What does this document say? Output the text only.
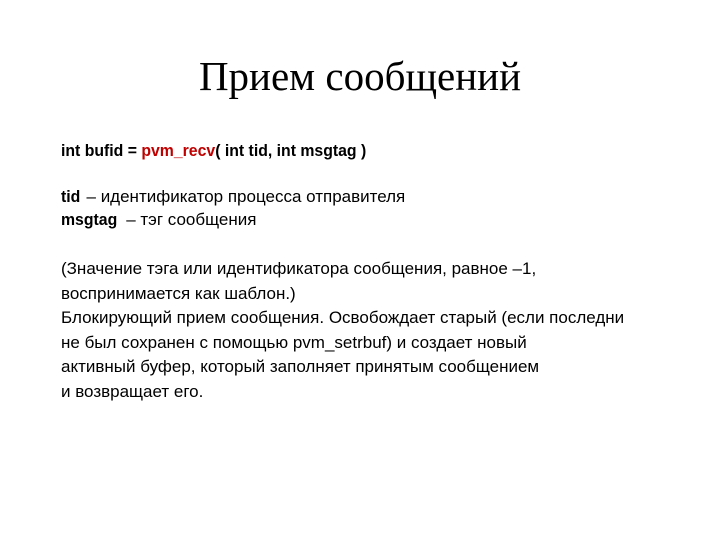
Прием сообщений
int bufid = pvm_recv( int tid, int msgtag )
tid – идентификатор процесса отправителя
msgtag – тэг сообщения
(Значение тэга или идентификатора сообщения, равное –1,
воспринимается как шаблон.)
Блокирующий прием сообщения. Освобождает старый (если последни
не был сохранен с помощью pvm_setrbuf) и создает новый
активный буфер, который заполняет принятым сообщением
и возвращает его.
